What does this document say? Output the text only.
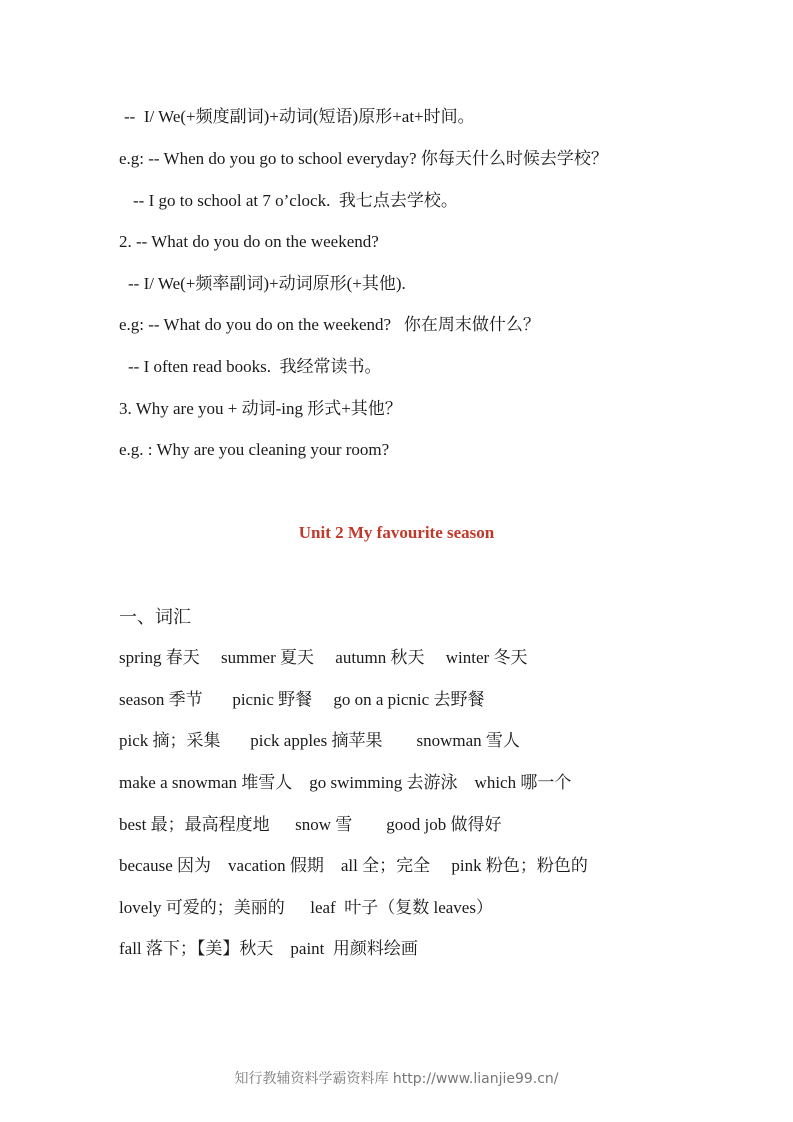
--  I/ We(+频度副词)+动词(短语)原形+at+时间。

e.g: -- When do you go to school everyday? 你每天什么时候去学校？

-- I go to school at 7 o’clock.  我七点去学校。

2. -- What do you do on the weekend?

-- I/ We(+频率副词)+动词原形(+其他).

e.g: -- What do you do on the weekend?   你在周末做什么？

-- I often read books.  我经常读书。

3. Why are you + 动词-ing 形式+其他？

e.g. : Why are you cleaning your room?

Unit 2 My favourite season

一、词汇

spring 春天     summer 夏天     autumn 秋天     winter 冬天

season 季节       picnic 野餐     go on a picnic 去野餐

pick 摘；采集       pick apples 摘苹果        snowman 雪人

make a snowman 堆雪人    go swimming 去游泳    which 哪一个

best 最；最高程度地      snow 雪        good job 做得好

because 因为    vacation 假期    all 全；完全     pink 粉色；粉色的

lovely 可爱的；美丽的      leaf  叶子（复数 leaves）

fall 落下；【美】秋天    paint  用颜料绘画

知行教辅资料学霸资料库 http://www.lianjie99.cn/
